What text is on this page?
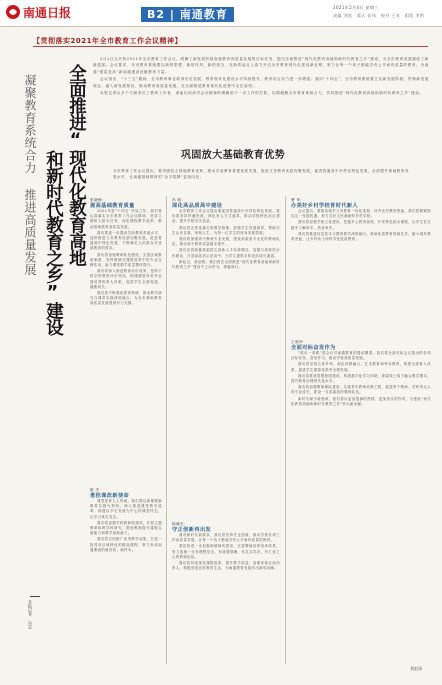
南通日报	B2 | 南通教育
2021年2月4日 星期三
责编 刘凯 版式 张伟 校对 王英 组版 李明
【贯彻落实2021年全市教育工作会议精神】
全面推进“现代化教育高地
和新时代教育之乡”建设
凝聚教育系统合力 推进高质量发展
本报记者 冯芸

2月1日召开的2021年全市教育工作会议，明确了新发展阶段南通教育高质量发展的目标任务，提出全面推进“现代化教育高地和新时代教育之乡”建设，为全市教育发展描绘了崭新蓝图。会议要求，全市教育系统要以新的思想、新的作风、新的担当，在新的起点上奋力开启全市教育现代化建设新征程，努力让每一个孩子都能享有公平而有质量的教育，为南通“强富美高”新南通建设贡献教育力量。

会议指出，“十三五”期间，全市教育事业取得长足发展，教育现代化建设水平持续提升，教育综合实力进一步增强。面向“十四五”，全市教育系统要立足新发展阶段、贯彻新发展理念、融入新发展格局，推动教育高质量发展，在全面推进教育现代化进程中走在前列。

本报记者从多个方面采访了教育工作者，请他们谈谈对会议精神的理解和下一步工作的打算，以期凝聚全市教育系统合力，共同推进“现代化教育高地和新时代教育之乡”建设。

巩固放大基础教育优势
全市教育工作会议提出，要巩固放大基础教育优势，推动学前教育普惠优质发展，推进义务教育优质均衡发展，促进普通高中多样化特色发展，全面提升基础教育发展水平，让南通基础教育的“金字招牌”更加闪亮。
张晓梅：
提高基础教育质量

2021年是“十四五”开局之年，我们将认真落实全市教育工作会议精神，坚持立德树人根本任务，深化课程教学改革，推动基础教育高质量发展。

我们要进一步提高学前教育普惠水平，加快推进义务教育优质均衡发展，促进普通高中特色发展，不断满足人民群众对优质教育的需求。

我们将加强教研队伍建设，完善区域教研制度，发挥教研在课程改革中的专业支撑作用，助力课堂教学质量整体提升。

我们将深入推进教育评价改革，扭转不科学的教育评价导向，构建德智体美劳全面培养的育人体系，促进学生全面发展、健康成长。

我们将不断强化教育科研，推动教学研究与课堂实践深度融合，为全市基础教育高质量发展提供有力支撑。

陈 杰：
勇担课改新使命

课堂是育人主阵地。我们将以新课程新教材实施为契机，深入推进课堂教学改革，构建以学生发展为中心的课堂样态，让学习真实发生。

我们将加强学科教研组建设，开展主题教研和跨学科研究，帮助教师提升课程实施能力和教学创新能力。

我们将总结推广优秀教学成果，打造一批具有区域特色的精品课程，努力形成南通课改的新经验、新样本。

冯 明：
深化高品质高中建设

全市教育工作会议提出要促进普通高中多样化特色发展。我们将坚持内涵发展，深化育人方式改革，推动学校特色项目建设，提升学校办学品质。

我们将完善选课走班教学管理，加强学生发展指导，帮助学生认识自我、规划人生，为每一位学生的终身发展奠基。

我们将加强高中教师专业发展，建设高素质专业化的教师队伍，推动高中教育质量稳步提升。

我们还将积极探索拔尖创新人才培养路径，加强与高校的合作联动，打造高品质示范高中，为学生提供多样化的成长通道。

新起点，新征程。我们将在全面推进“现代化教育高地和新时代教育之乡”建设中主动作为、勇毅前行。

顾晓东：
守正创新再出发

面对新时代新要求，我们将坚持守正创新，推动学校各项工作高质量发展，让每一个孩子都能享有公平而有质量的教育。

我们将进一步加强师德师风建设，完善教师培养培训体系，努力造就一支有理想信念、有道德情操、有扎实学识、有仁爱之心的教师队伍。

我们将持续深化课程改革，提升教学质量，加强家校社协同育人，积极营造良好教育生态，为南通教育发展作出新的贡献。

曹 军：
办美好乡村学校育时代新人

会议提出，要推动城乡义务教育一体化发展，补齐农村教育短板。我们将紧紧抓住这一发展机遇，努力办好人民满意的乡村学校。

我们将加强学校文化建设，挖掘乡土教育资源，开发特色校本课程，让学生在实践中了解家乡、热爱家乡。

我们将推进信息技术与教育教学深度融合，借助优质教育资源共享，缩小城乡教育差距，让乡村孩子同样享受优质教育。

王明华：
全面对标奋发作为

“再出一条路”是会议对南通教育的殷切期望。我们将全面对标会议提出的各项目标任务，奋发作为，推动学校高质量发展。

我们将坚持五育并举，深化体教融合、艺术教育和劳动教育，构建全面育人体系，促进学生德智体美劳全面发展。

我们将推进智慧校园建设，构建数字化学习环境，探索线上线下融合教学模式，提升教育治理现代化水平。

我们将加强教师梯队建设，实施青年教师培养工程，促进骨干教师、学科带头人的专业成长，建设一支高素质的教师队伍。

新时代赋予新使命，我们将以更加饱满的热情、更加务实的作风，为建设“现代化教育高地和新时代教育之乡”作出新贡献。

刘宏泽
